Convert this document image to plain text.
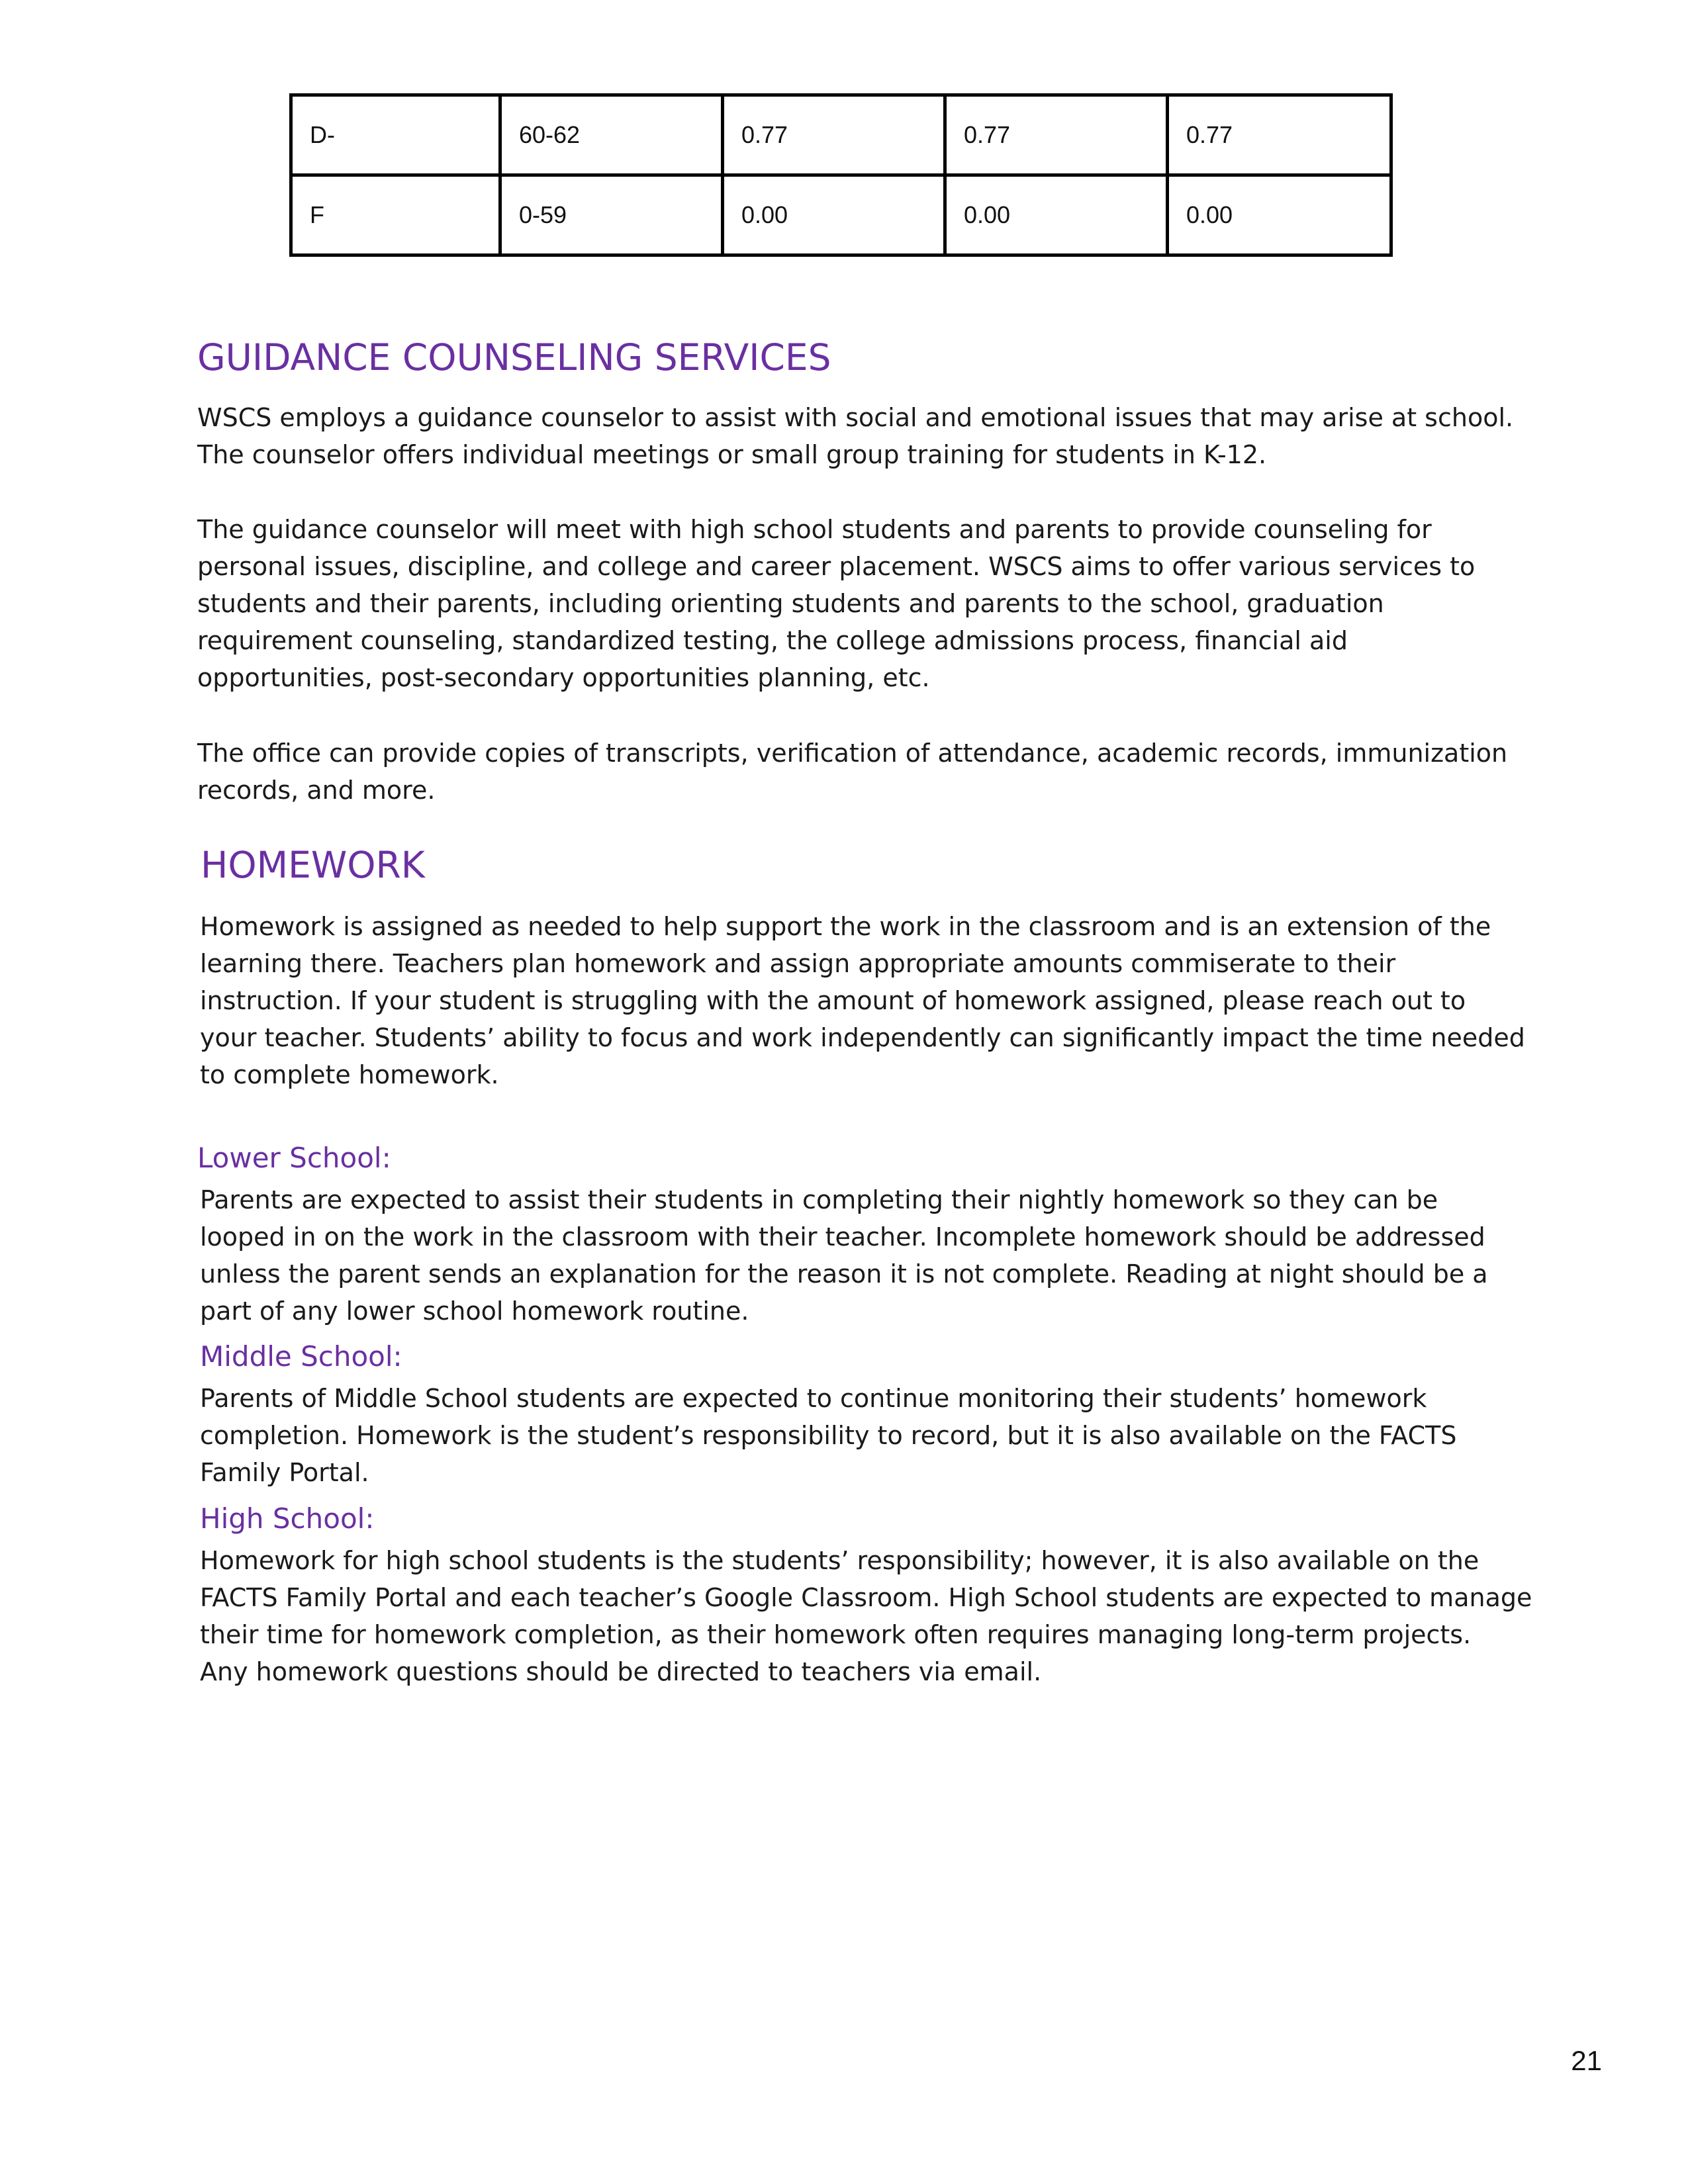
D-	60-62	0.77	0.77	0.77
F	0-59	0.00	0.00	0.00
GUIDANCE COUNSELING SERVICES
WSCS employs a guidance counselor to assist with social and emotional issues that may arise at school.
The counselor offers individual meetings or small group training for students in K-12.
The guidance counselor will meet with high school students and parents to provide counseling for
personal issues, discipline, and college and career placement. WSCS aims to offer various services to
students and their parents, including orienting students and parents to the school, graduation
requirement counseling, standardized testing, the college admissions process, financial aid
opportunities, post-secondary opportunities planning, etc.
The office can provide copies of transcripts, verification of attendance, academic records, immunization
records, and more.
HOMEWORK
Homework is assigned as needed to help support the work in the classroom and is an extension of the
learning there. Teachers plan homework and assign appropriate amounts commiserate to their
instruction. If your student is struggling with the amount of homework assigned, please reach out to
your teacher. Students’ ability to focus and work independently can significantly impact the time needed
to complete homework.
Lower School:
Parents are expected to assist their students in completing their nightly homework so they can be
looped in on the work in the classroom with their teacher. Incomplete homework should be addressed
unless the parent sends an explanation for the reason it is not complete. Reading at night should be a
part of any lower school homework routine.
Middle School:
Parents of Middle School students are expected to continue monitoring their students’ homework
completion. Homework is the student’s responsibility to record, but it is also available on the FACTS
Family Portal.
High School:
Homework for high school students is the students’ responsibility; however, it is also available on the
FACTS Family Portal and each teacher’s Google Classroom. High School students are expected to manage
their time for homework completion, as their homework often requires managing long-term projects.
Any homework questions should be directed to teachers via email.
21
